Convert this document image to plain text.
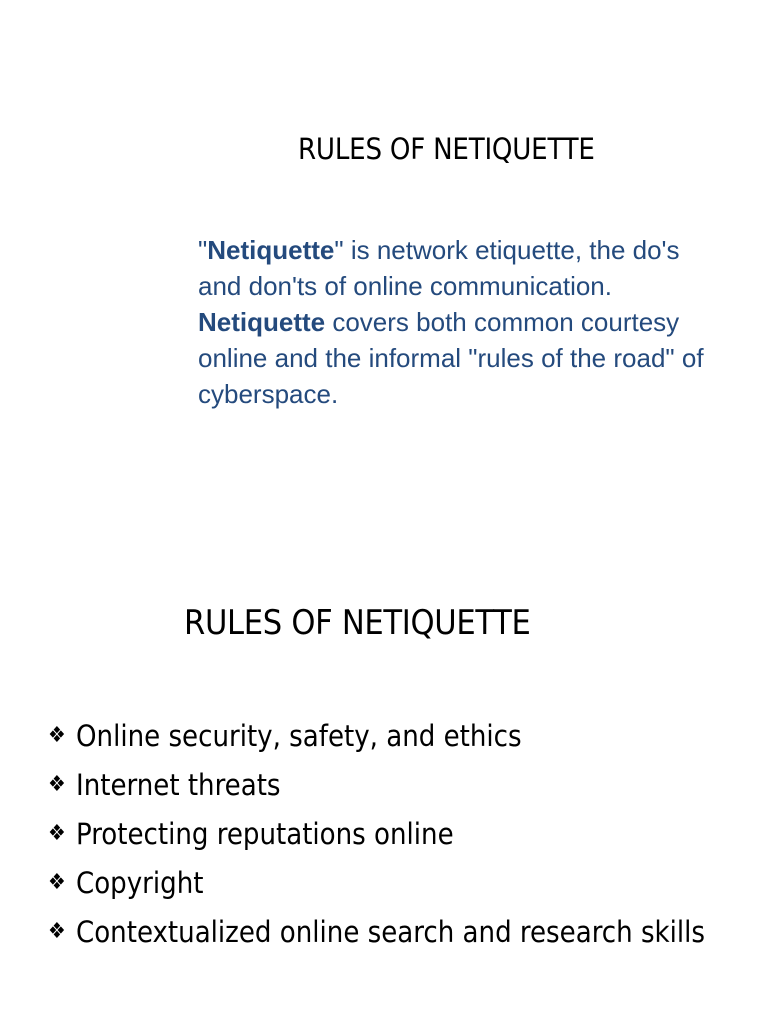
RULES OF NETIQUETTE

"Netiquette" is network etiquette, the do's and don'ts of online communication.

Netiquette covers both common courtesy online and the informal "rules of the road" of cyberspace.

RULES OF NETIQUETTE
❖ Online security, safety, and ethics
❖ Internet threats
❖ Protecting reputations online
❖ Copyright
❖ Contextualized online search and research skills
